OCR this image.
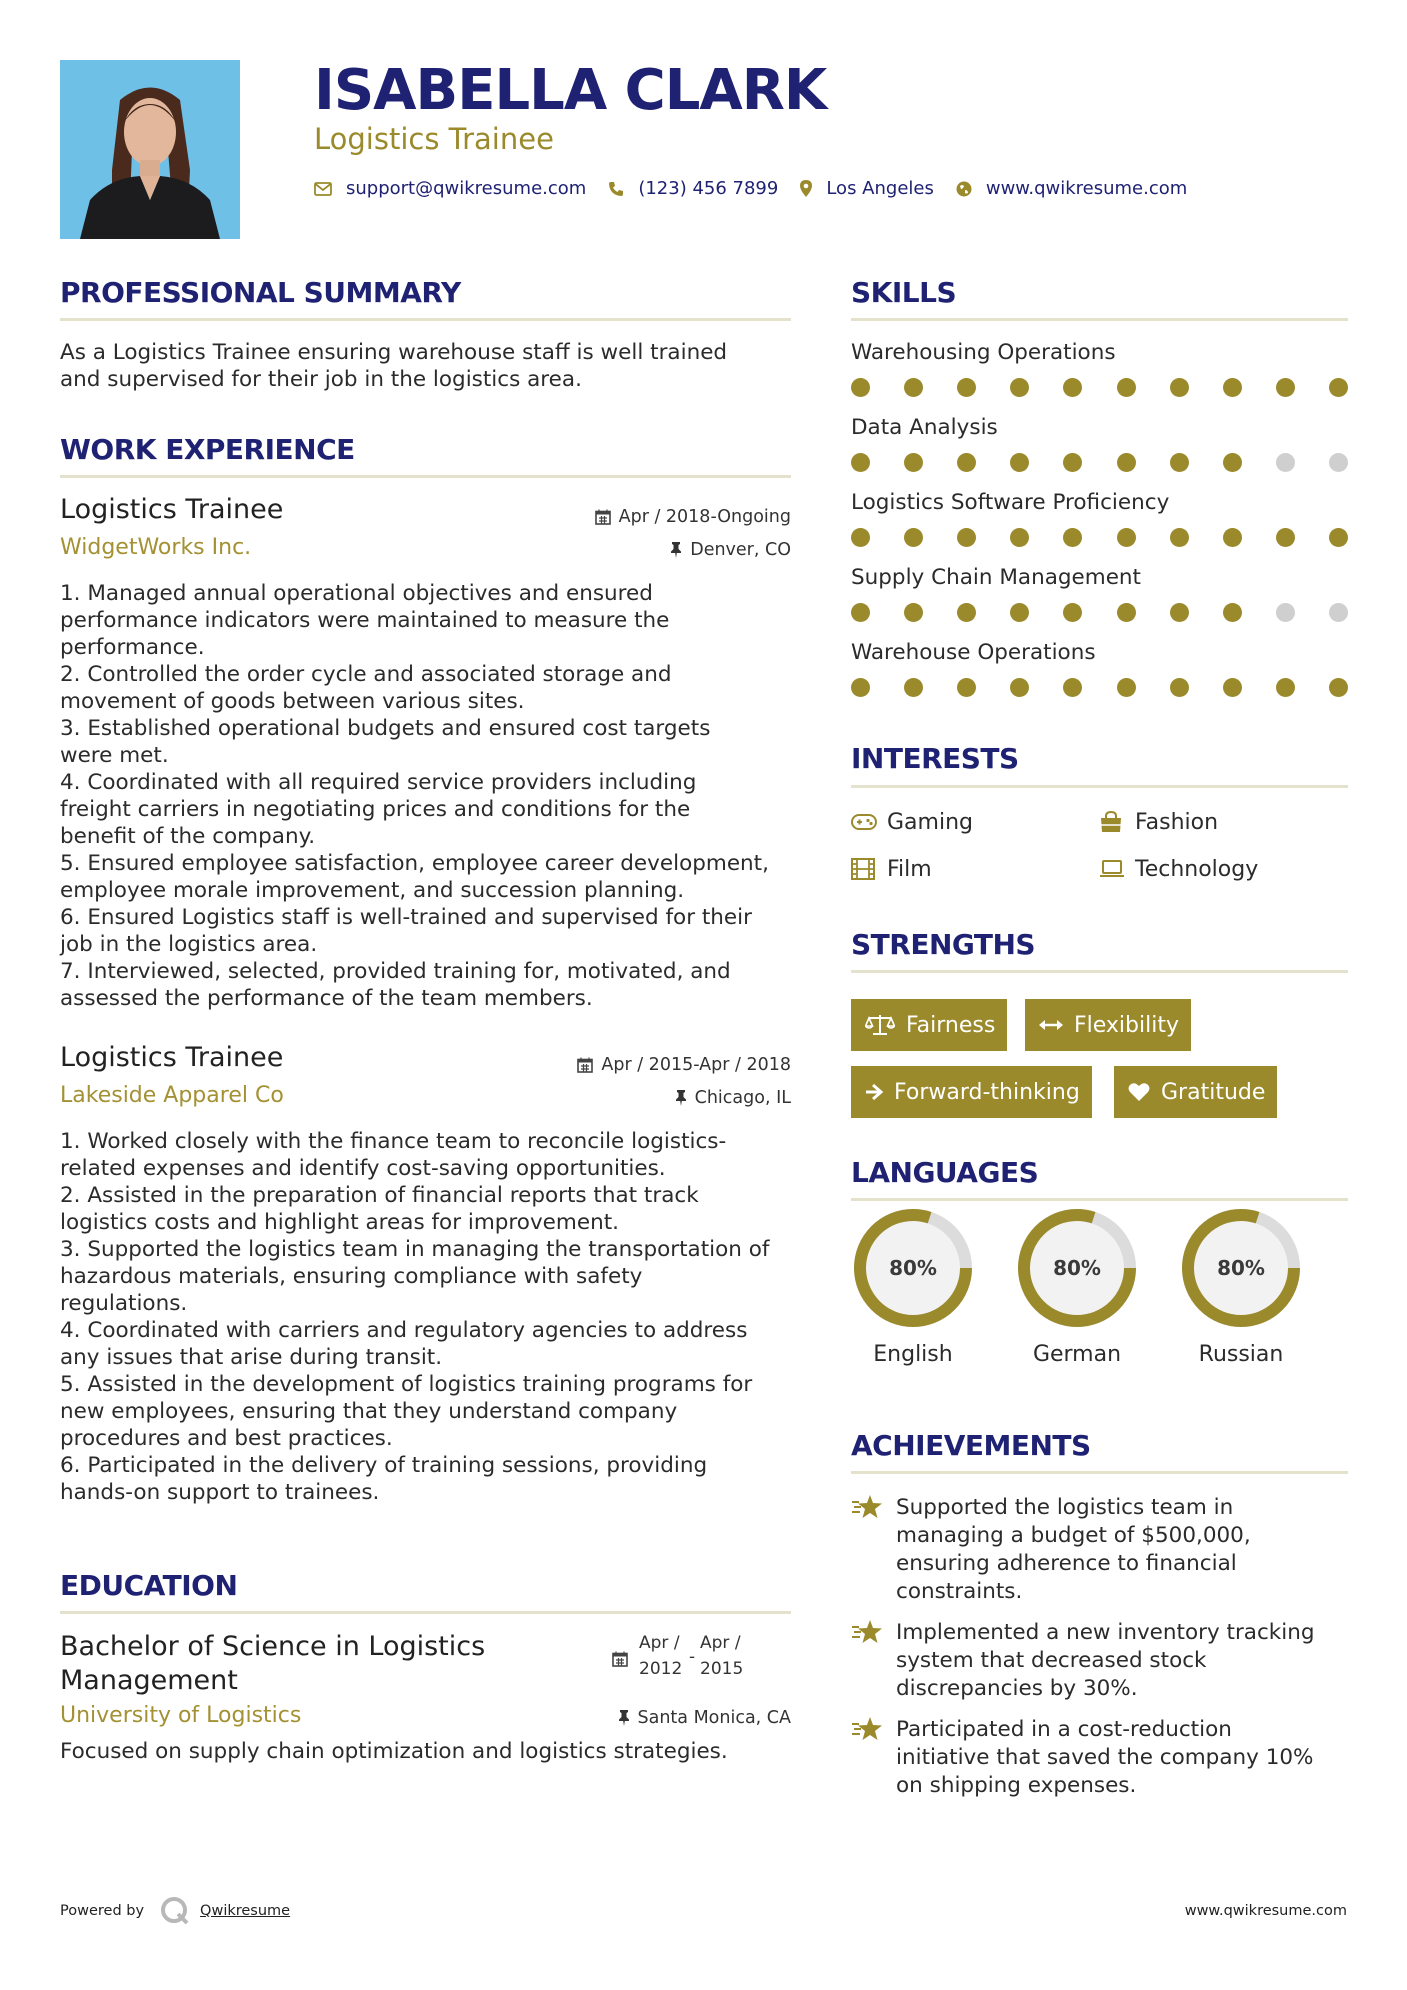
ISABELLA CLARK
Logistics Trainee
support@qwikresume.com	(123) 456 7899	Los Angeles	www.qwikresume.com
PROFESSIONAL SUMMARY
As a Logistics Trainee ensuring warehouse staff is well trained
and supervised for their job in the logistics area.
WORK EXPERIENCE
Logistics Trainee
WidgetWorks Inc.
Apr / 2018-Ongoing
Denver, CO
1. Managed annual operational objectives and ensured
performance indicators were maintained to measure the
performance.
2. Controlled the order cycle and associated storage and
movement of goods between various sites.
3. Established operational budgets and ensured cost targets
were met.
4. Coordinated with all required service providers including
freight carriers in negotiating prices and conditions for the
benefit of the company.
5. Ensured employee satisfaction, employee career development,
employee morale improvement, and succession planning.
6. Ensured Logistics staff is well-trained and supervised for their
job in the logistics area.
7. Interviewed, selected, provided training for, motivated, and
assessed the performance of the team members.
Logistics Trainee
Lakeside Apparel Co
Apr / 2015-Apr / 2018
Chicago, IL
1. Worked closely with the finance team to reconcile logistics-
related expenses and identify cost-saving opportunities.
2. Assisted in the preparation of financial reports that track
logistics costs and highlight areas for improvement.
3. Supported the logistics team in managing the transportation of
hazardous materials, ensuring compliance with safety
regulations.
4. Coordinated with carriers and regulatory agencies to address
any issues that arise during transit.
5. Assisted in the development of logistics training programs for
new employees, ensuring that they understand company
procedures and best practices.
6. Participated in the delivery of training sessions, providing
hands-on support to trainees.
EDUCATION
Bachelor of Science in Logistics
Management
Apr /
2012
-
Apr /
2015
University of Logistics	Santa Monica, CA
Focused on supply chain optimization and logistics strategies.
SKILLS
Warehousing Operations
Data Analysis
Logistics Software Proficiency
Supply Chain Management
Warehouse Operations
INTERESTS
Gaming	Fashion
Film	Technology
STRENGTHS
Fairness	Flexibility
Forward-thinking	Gratitude
LANGUAGES
80%
English
80%
German
80%
Russian
ACHIEVEMENTS
Supported the logistics team in
managing a budget of $500,000,
ensuring adherence to financial
constraints.
Implemented a new inventory tracking
system that decreased stock
discrepancies by 30%.
Participated in a cost-reduction
initiative that saved the company 10%
on shipping expenses.
Powered by	Qwikresume	www.qwikresume.com
